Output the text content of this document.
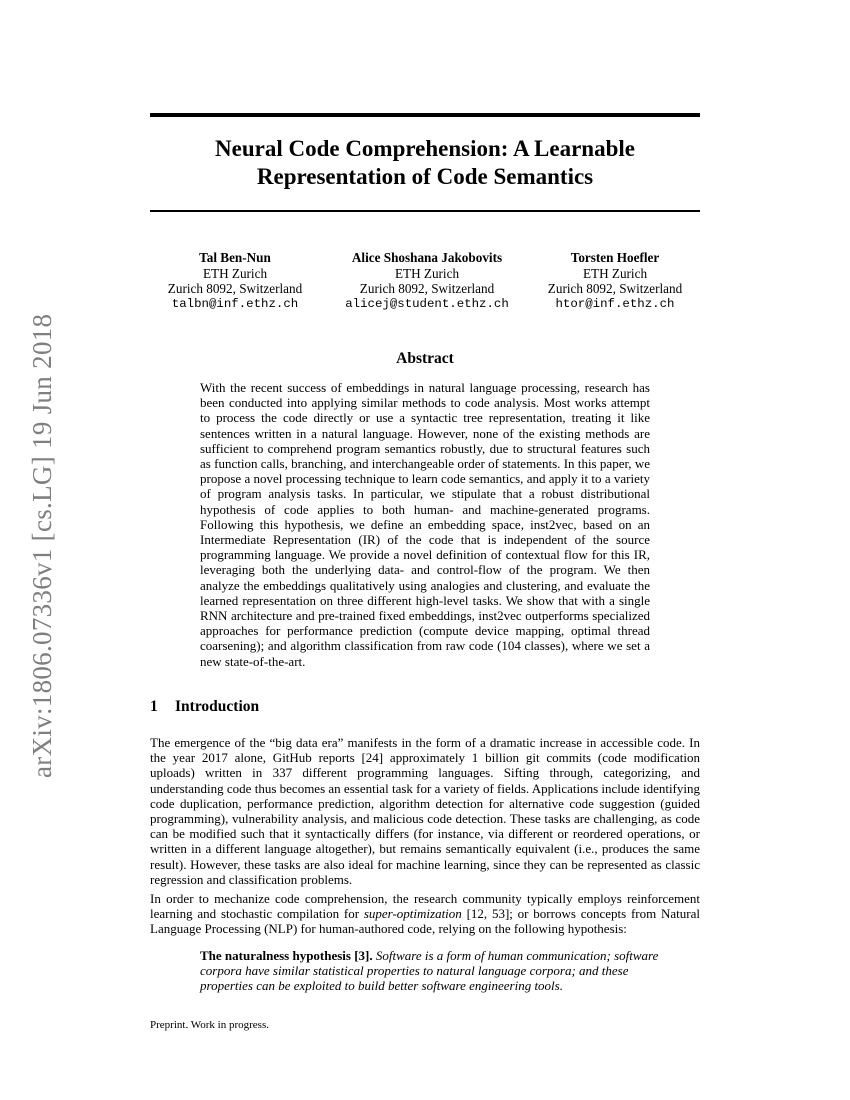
arXiv:1806.07336v1 [cs.LG] 19 Jun 2018
Neural Code Comprehension: A Learnable
Representation of Code Semantics
Tal Ben-Nun
ETH Zurich
Zurich 8092, Switzerland
talbn@inf.ethz.ch
Alice Shoshana Jakobovits
ETH Zurich
Zurich 8092, Switzerland
alicej@student.ethz.ch
Torsten Hoefler
ETH Zurich
Zurich 8092, Switzerland
htor@inf.ethz.ch
Abstract
With the recent success of embeddings in natural language processing, research has been conducted into applying similar methods to code analysis. Most works attempt to process the code directly or use a syntactic tree representation, treating it like sentences written in a natural language. However, none of the existing methods are sufficient to comprehend program semantics robustly, due to structural features such as function calls, branching, and interchangeable order of statements. In this paper, we propose a novel processing technique to learn code semantics, and apply it to a variety of program analysis tasks. In particular, we stipulate that a robust distributional hypothesis of code applies to both human- and machine-generated programs. Following this hypothesis, we define an embedding space, inst2vec, based on an Intermediate Representation (IR) of the code that is independent of the source programming language. We provide a novel definition of contextual flow for this IR, leveraging both the underlying data- and control-flow of the program. We then analyze the embeddings qualitatively using analogies and clustering, and evaluate the learned representation on three different high-level tasks. We show that with a single RNN architecture and pre-trained fixed embeddings, inst2vec outperforms specialized approaches for performance prediction (compute device mapping, optimal thread coarsening); and algorithm classification from raw code (104 classes), where we set a new state-of-the-art.
1 Introduction
The emergence of the “big data era” manifests in the form of a dramatic increase in accessible code. In the year 2017 alone, GitHub reports [24] approximately 1 billion git commits (code modification uploads) written in 337 different programming languages. Sifting through, categorizing, and understanding code thus becomes an essential task for a variety of fields. Applications include identifying code duplication, performance prediction, algorithm detection for alternative code suggestion (guided programming), vulnerability analysis, and malicious code detection. These tasks are challenging, as code can be modified such that it syntactically differs (for instance, via different or reordered operations, or written in a different language altogether), but remains semantically equivalent (i.e., produces the same result). However, these tasks are also ideal for machine learning, since they can be represented as classic regression and classification problems.
In order to mechanize code comprehension, the research community typically employs reinforcement learning and stochastic compilation for super-optimization [12, 53]; or borrows concepts from Natural Language Processing (NLP) for human-authored code, relying on the following hypothesis:
The naturalness hypothesis [3]. Software is a form of human communication; software corpora have similar statistical properties to natural language corpora; and these properties can be exploited to build better software engineering tools.
Preprint. Work in progress.
